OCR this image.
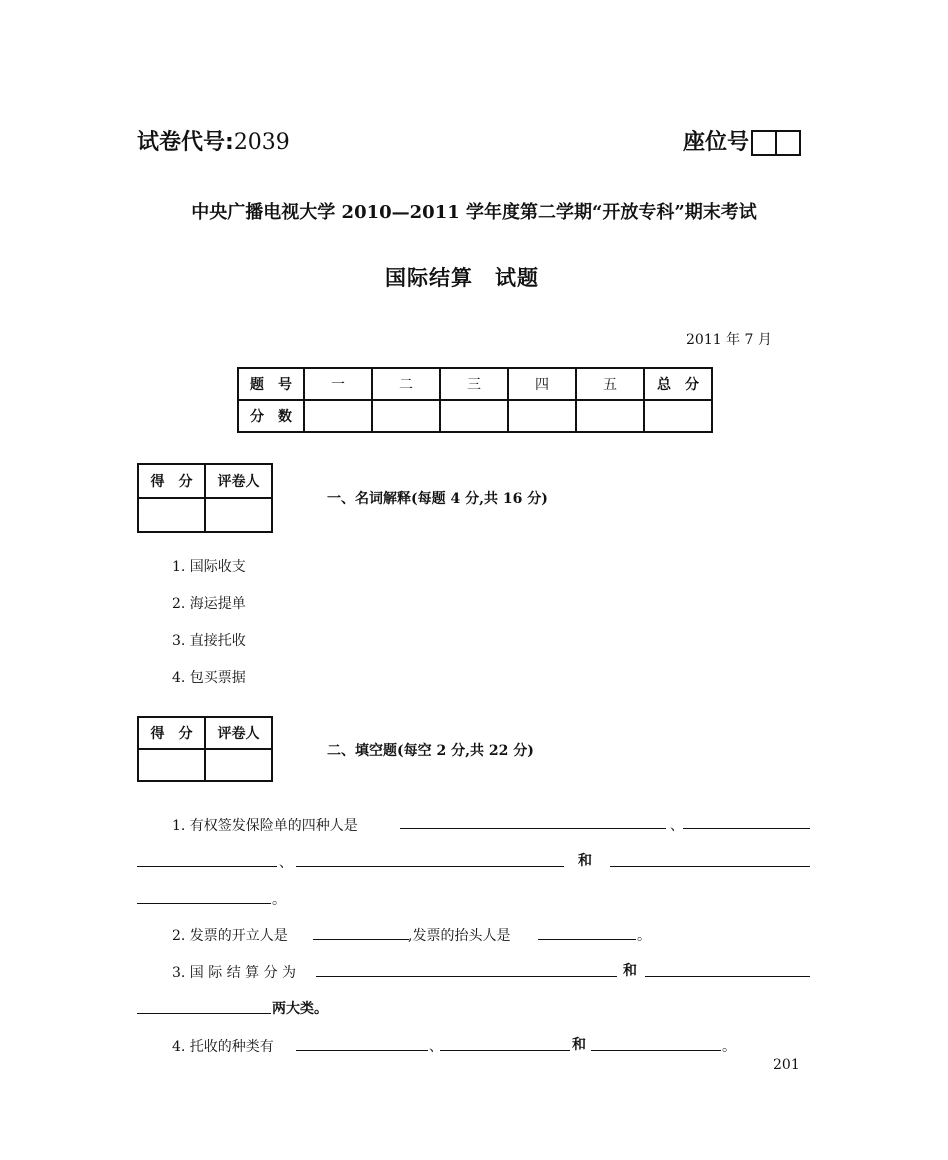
试卷代号:2039	座位号
中央广播电视大学 2010—2011 学年度第二学期“开放专科”期末考试
国际结算　试题
2011 年 7 月
题　号	一	二	三	四	五	总　分
分　数						
得　分	评卷人

一、名词解释(每题 4 分,共 16 分)
1. 国际收支
2. 海运提单
3. 直接托收
4. 包买票据
得　分	评卷人

二、填空题(每空 2 分,共 22 分)
1. 有权签发保险单的四种人是	、
、	和
。
2. 发票的开立人是	,发票的抬头人是	。
3. 国 际 结 算 分 为	和
两大类。
4. 托收的种类有	、	和	。
201
